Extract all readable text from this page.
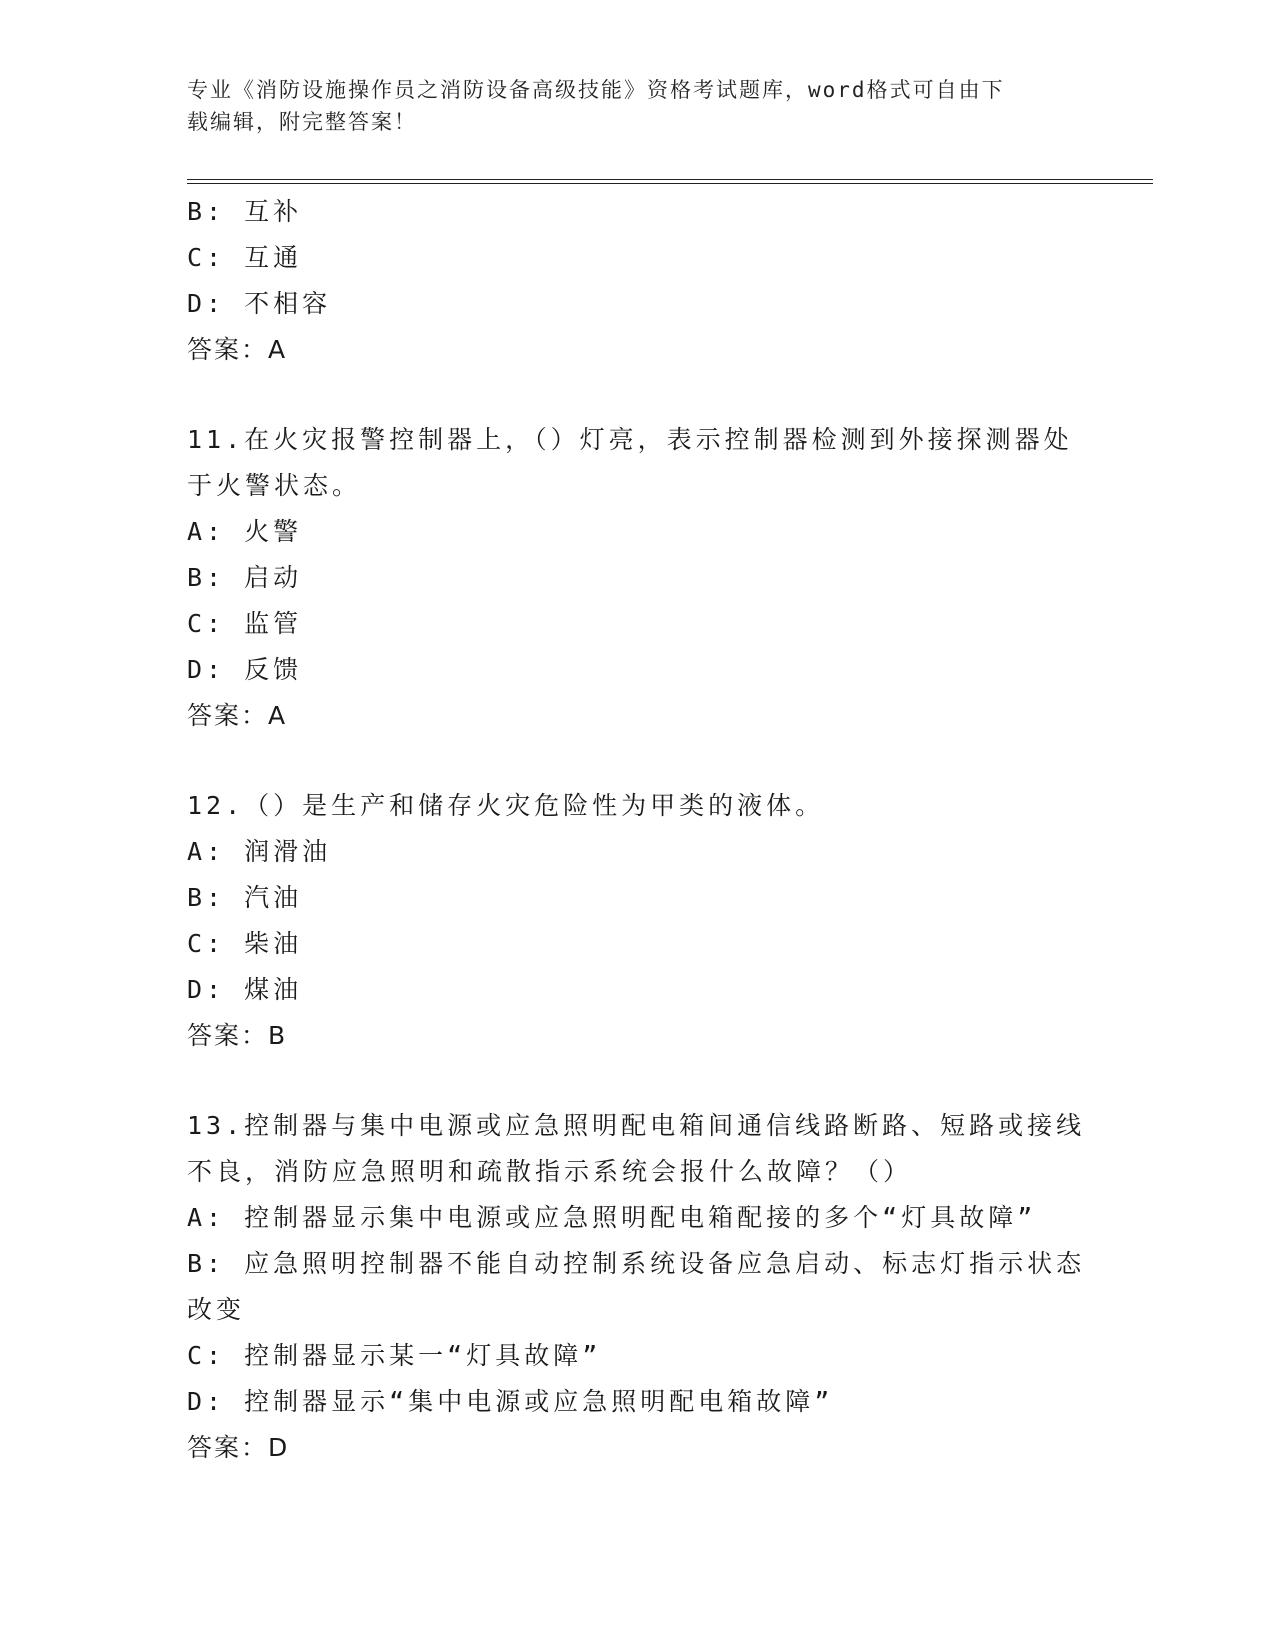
专业《消防设施操作员之消防设备高级技能》资格考试题库，word格式可自由下
载编辑，附完整答案！

B: 互补

C: 互通

D: 不相容

答案：A

11.在火灾报警控制器上，（）灯亮，表示控制器检测到外接探测器处

于火警状态。

A: 火警

B: 启动

C: 监管

D: 反馈

答案：A

12.（）是生产和储存火灾危险性为甲类的液体。

A: 润滑油

B: 汽油

C: 柴油

D: 煤油

答案：B

13.控制器与集中电源或应急照明配电箱间通信线路断路、短路或接线

不良，消防应急照明和疏散指示系统会报什么故障？（）

A: 控制器显示集中电源或应急照明配电箱配接的多个“灯具故障”

B: 应急照明控制器不能自动控制系统设备应急启动、标志灯指示状态

改变

C: 控制器显示某一“灯具故障”

D: 控制器显示“集中电源或应急照明配电箱故障”

答案：D
